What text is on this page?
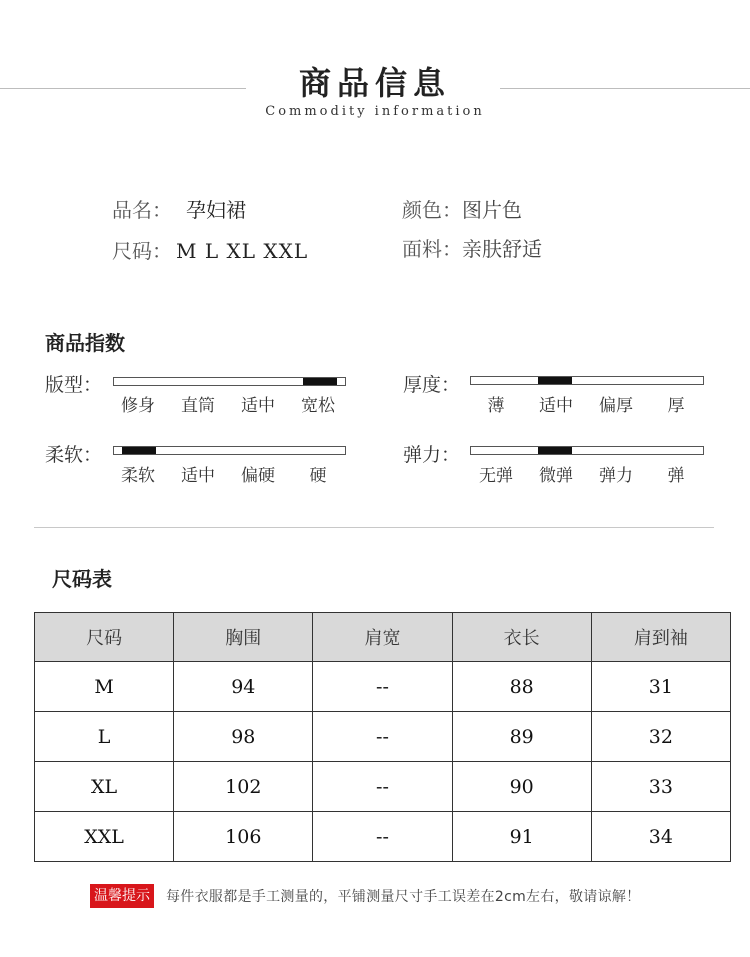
商品信息
Commodity information
品名： 孕妇裙
尺码： M L XL XXL
颜色：图片色
面料：亲肤舒适
商品指数
版型：
修身	直筒	适中	宽松
厚度：
薄	适中	偏厚	厚
柔软：
柔软	适中	偏硬	硬
弹力：
无弹	微弹	弹力	弹
尺码表
尺码	胸围	肩宽	衣长	肩到袖
M	94	--	88	31
L	98	--	89	32
XL	102	--	90	33
XXL	106	--	91	34
温馨提示 每件衣服都是手工测量的，平铺测量尺寸手工误差在2cm左右，敬请谅解！
